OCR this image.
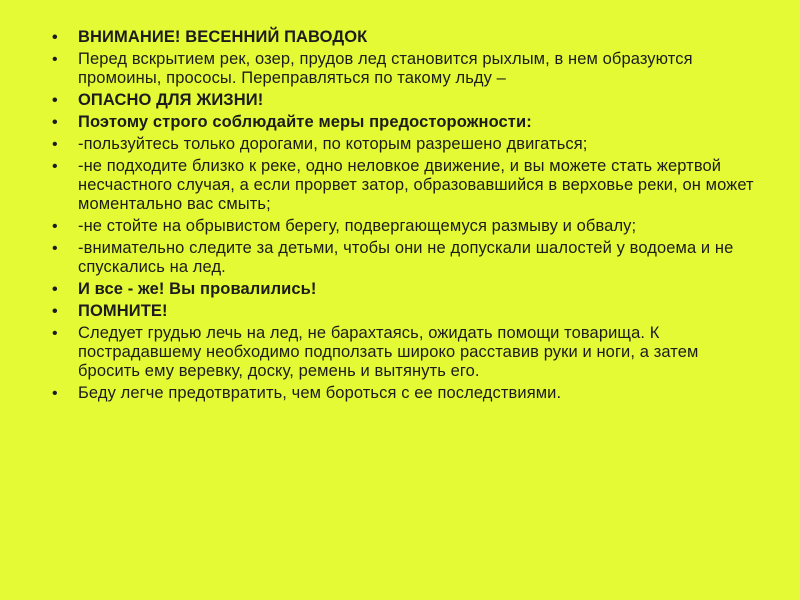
• ВНИМАНИЕ! ВЕСЕННИЙ ПАВОДОК
• Перед вскрытием рек, озер, прудов лед становится рыхлым, в нем образуются промоины, прососы. Переправляться по такому льду –
• ОПАСНО ДЛЯ ЖИЗНИ!
• Поэтому строго соблюдайте меры предосторожности:
• -пользуйтесь только дорогами, по которым разрешено двигаться;
• -не подходите близко к реке, одно неловкое движение, и вы можете стать жертвой несчастного случая, а если прорвет затор, образовавшийся в верховье реки, он может моментально вас смыть;
• -не стойте на обрывистом берегу, подвергающемуся размыву и обвалу;
• -внимательно следите за детьми, чтобы они не допускали шалостей у водоема и не спускались на лед.
• И все - же! Вы провалились!
• ПОМНИТЕ!
• Следует грудью лечь на лед, не барахтаясь, ожидать помощи товарища. К пострадавшему необходимо подползать широко расставив руки и ноги, а затем бросить ему веревку, доску, ремень и вытянуть его.
• Беду легче предотвратить, чем бороться с ее последствиями.
